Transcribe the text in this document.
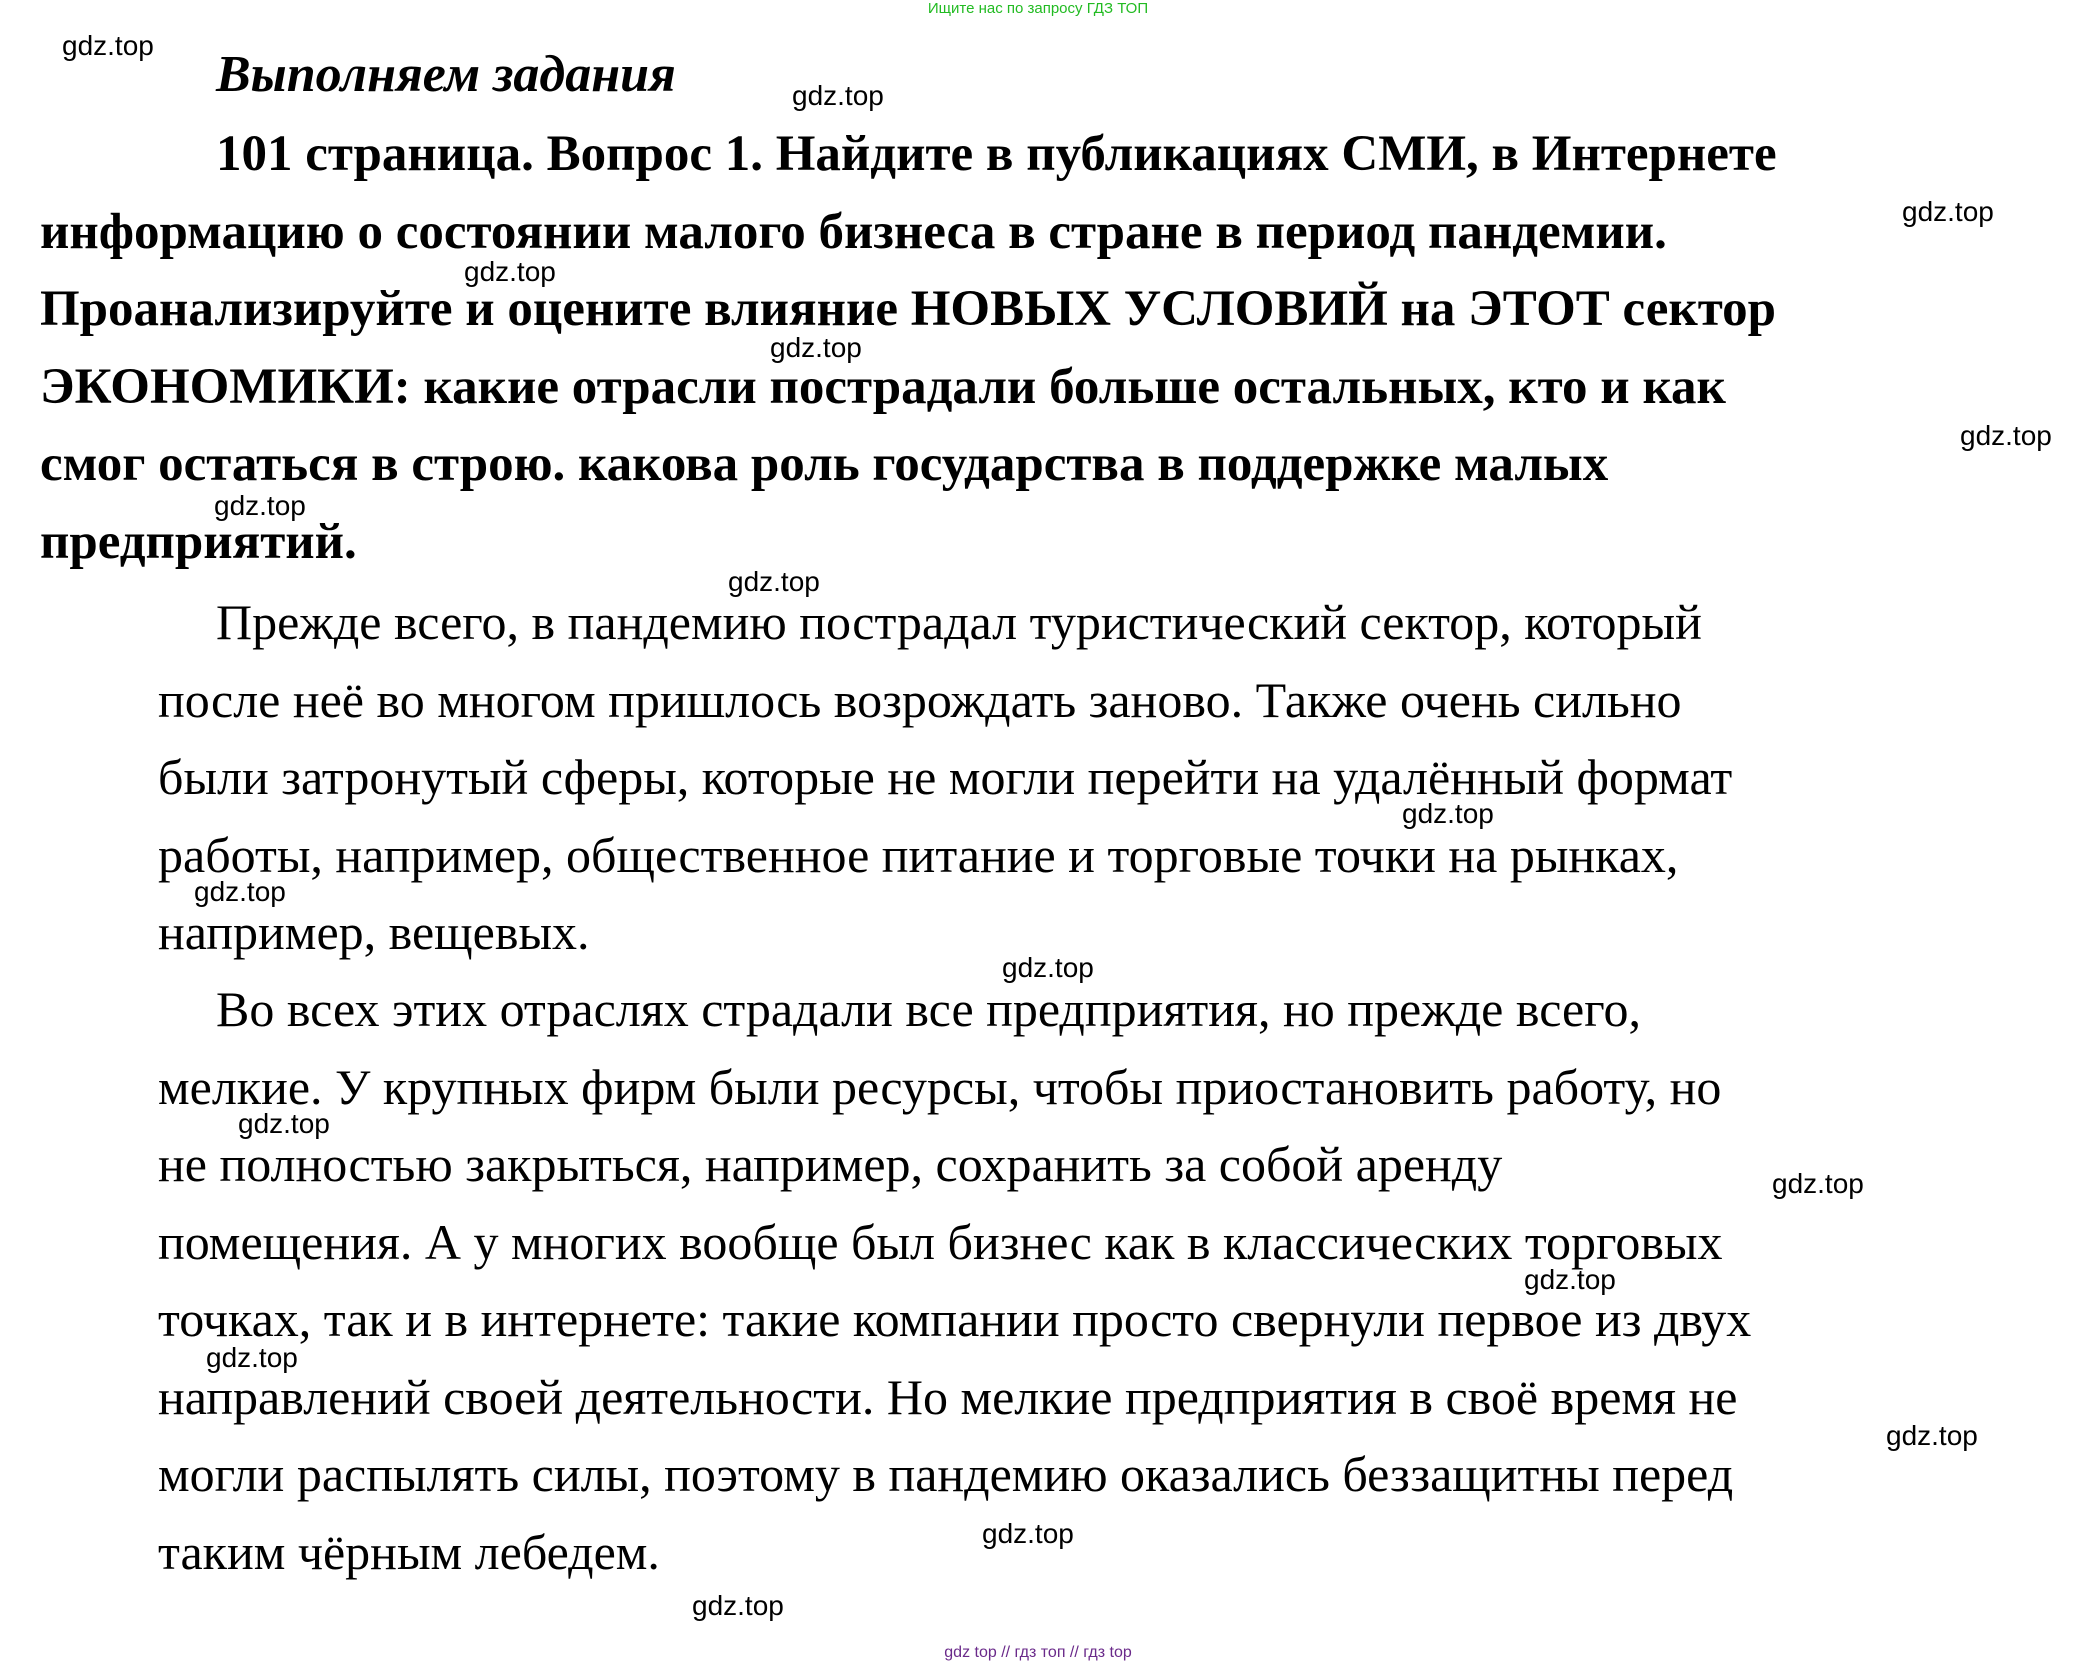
Ищите нас по запросу ГДЗ ТОП
Выполняем задания
101 страница. Вопрос 1. Найдите в публикациях СМИ, в Интернете
информацию о состоянии малого бизнеса в стране в период пандемии.
Проанализируйте и оцените влияние НОВЫХ УСЛОВИЙ на ЭТОТ сектор
ЭКОНОМИКИ: какие отрасли пострадали больше остальных, кто и как
смог остаться в строю. какова роль государства в поддержке малых
предприятий.
Прежде всего, в пандемию пострадал туристический сектор, который
после неё во многом пришлось возрождать заново. Также очень сильно
были затронутый сферы, которые не могли перейти на удалённый формат
работы, например, общественное питание и торговые точки на рынках,
например, вещевых.
Во всех этих отраслях страдали все предприятия, но прежде всего,
мелкие. У крупных фирм были ресурсы, чтобы приостановить работу, но
не полностью закрыться, например, сохранить за собой аренду
помещения. А у многих вообще был бизнес как в классических торговых
точках, так и в интернете: такие компании просто свернули первое из двух
направлений своей деятельности. Но мелкие предприятия в своё время не
могли распылять силы, поэтому в пандемию оказались беззащитны перед
таким чёрным лебедем.
gdz.top
gdz.top
gdz.top
gdz.top
gdz.top
gdz.top
gdz.top
gdz.top
gdz.top
gdz.top
gdz.top
gdz.top
gdz.top
gdz.top
gdz.top
gdz.top
gdz.top
gdz.top
gdz top // гдз топ // гдз top
